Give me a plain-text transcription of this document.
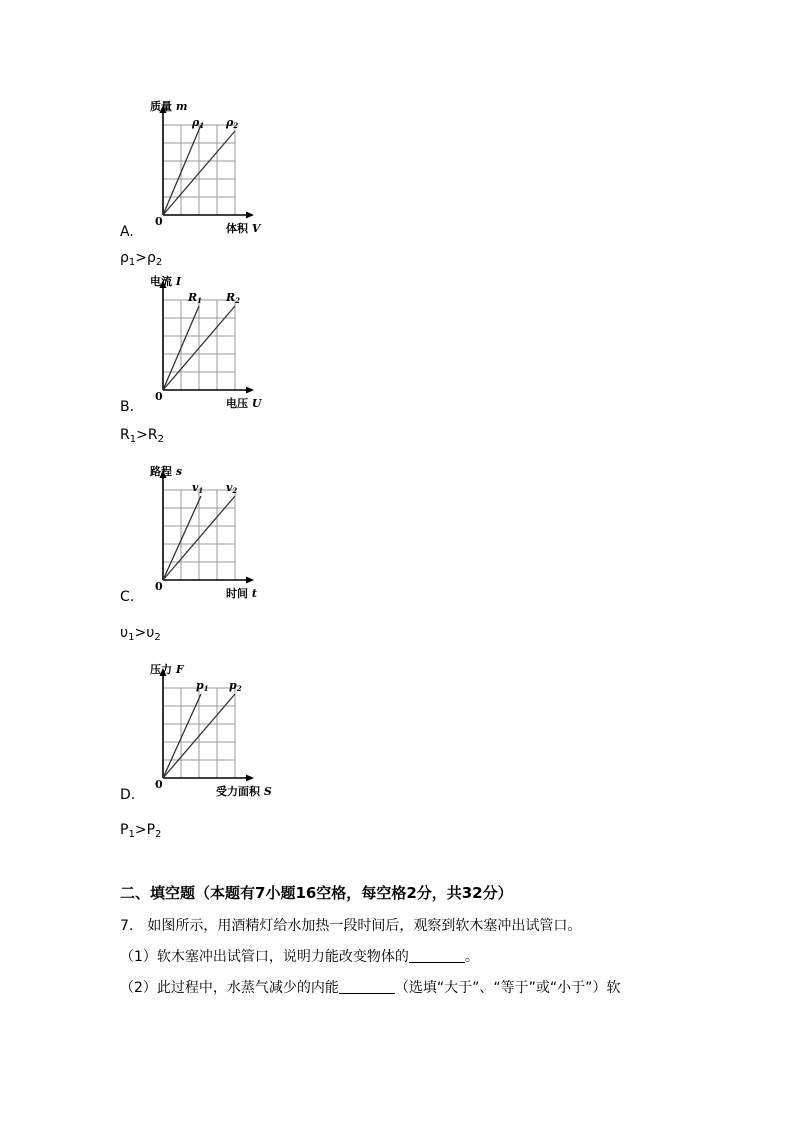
质量 m
0
体积 V
ρ1 ρ2
A.
$\rho_1>\rho_2$
电流 I
0
电压 U
R1 R2
B.
$R_1>R_2$
路程 s
0
时间 t
v1 v2
C.
$\upsilon_1>\upsilon_2$
压力 F
0
受力面积 S
p1 p2
D.
$P_1>P_2$
二、填空题（本题有7小题16空格，每空格2分，共32分）
7.　如图所示，用酒精灯给水加热一段时间后，观察到软木塞冲出试管口。
（1）软木塞冲出试管口，说明力能改变物体的	。
（2）此过程中，水蒸气减少的内能	（选填“大于”、“等于”或“小于”）软
